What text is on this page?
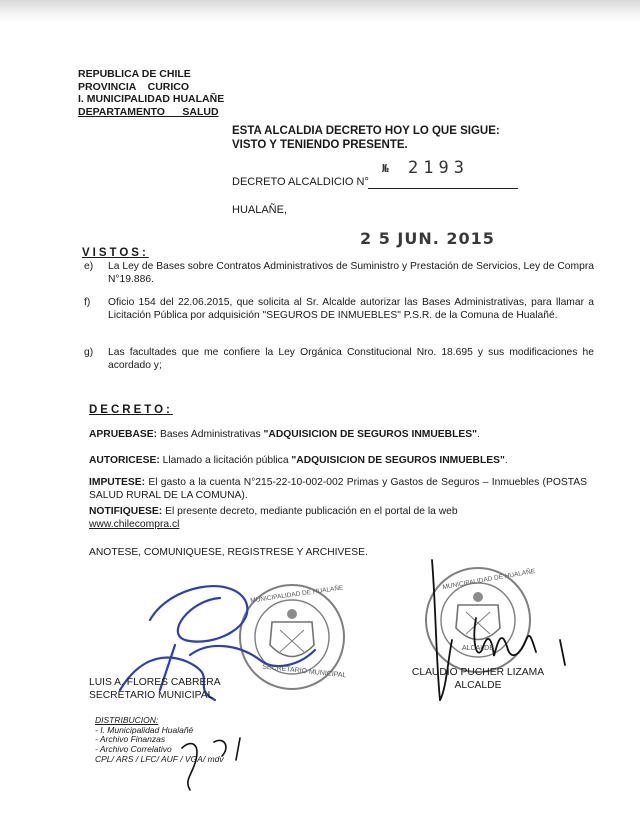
REPUBLICA DE CHILE
PROVINCIA    CURICO
I. MUNICIPALIDAD HUALAÑE
DEPARTAMENTO      SALUD
ESTA ALCALDIA DECRETO HOY LO QUE SIGUE:
VISTO Y TENIENDO PRESENTE.
DECRETO ALCALDICIO N°
№ 2193
HUALAÑE,
2 5 JUN. 2015
VISTOS:
e) La Ley de Bases sobre Contratos Administrativos de Suministro y Prestación de Servicios, Ley de Compra N°19.886.
f) Oficio 154 del 22.06.2015, que solicita al Sr. Alcalde autorizar las Bases Administrativas, para llamar a Licitación Pública por adquisición "SEGUROS DE INMUEBLES" P.S.R. de la Comuna de Hualañé.
g) Las facultades que me confiere la Ley Orgánica Constitucional Nro. 18.695 y sus modificaciones he acordado y;
DECRETO:
APRUEBASE: Bases Administrativas "ADQUISICION DE SEGUROS INMUEBLES".
AUTORICESE: Llamado a licitación pública "ADQUISICION DE SEGUROS INMUEBLES".
IMPUTESE: El gasto a la cuenta N°215-22-10-002-002 Primas y Gastos de Seguros – Inmuebles (POSTAS SALUD RURAL DE LA COMUNA).
NOTIFIQUESE: El presente decreto, mediante publicación en el portal de la web
www.chilecompra.cl
ANOTESE, COMUNIQUESE, REGISTRESE Y ARCHIVESE.
MUNICIPALIDAD DE HUALAÑE
SECRETARIO MUNICIPAL
MUNICIPALIDAD DE HUALAÑE
ALCALDE
LUIS A. FLORES CABRERA
SECRETARIO MUNICIPAL
CLAUDIO PUCHER LIZAMA
ALCALDE
DISTRIBUCION:
- I. Municipalidad Hualañé
- Archivo Finanzas
- Archivo Correlativo
CPL/ ARS / LFC/ AUF / VGA/ mdv
